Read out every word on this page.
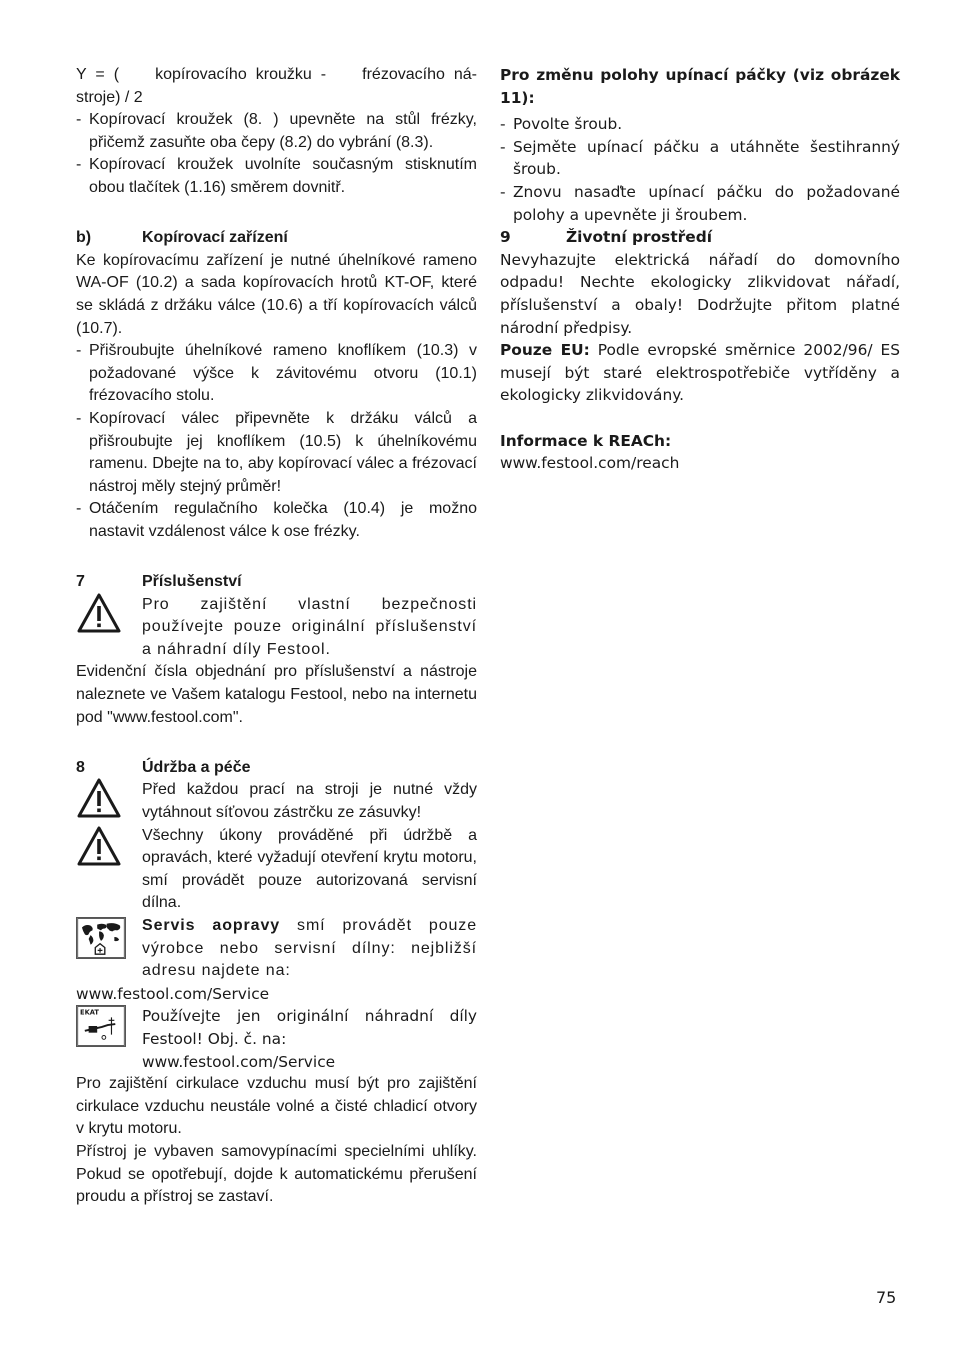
Y = (    kopírovacího kroužku -    frézovacího ná-

stroje) / 2

- Kopírovací kroužek (8. ) upevněte na stůl frézky, přičemž zasuňte oba čepy (8.2) do vybrání (8.3).
- Kopírovací kroužek uvolníte současným stisknutím obou tlačítek (1.16) směrem dovnitř.
b)	Kopírovací zařízení

Ke kopírovacímu zařízení je nutné úhelníkové rameno WA-OF (10.2) a sada kopírovacích hrotů KT-OF, které se skládá z držáku válce (10.6) a tří kopírovacích válců (10.7).

- Přišroubujte úhelníkové rameno knoflíkem (10.3) v požadované výšce k závitovému otvoru (10.1) frézovacího stolu.
- Kopírovací válec připevněte k držáku válců a přišroubujte jej knoflíkem (10.5) k úhelníkovému ramenu. Dbejte na to, aby kopírovací válec a frézovací nástroj měly stejný průměr!
- Otáčením regulačního kolečka (10.4) je možno nastavit vzdálenost válce k ose frézky.
7	Příslušenství

Pro zajištění vlastní bezpečnosti používejte pouze originální příslušenství a náhradní díly Festool.

Evidenční čísla objednání pro příslušenství a nástroje naleznete ve Vašem katalogu Festool, nebo na internetu pod "www.festool.com".

8	Údržba a péče

Před každou prací na stroji je nutné vždy vytáhnout síťovou zástrčku ze zásuvky!

Všechny úkony prováděné při údržbě a opravách, které vyžadují otevření krytu motoru, smí provádět pouze autorizovaná servisní dílna.

Servis aopravy smí provádět pouze výrobce nebo servisní dílny: nejbližší adresu najdete na:

www.festool.com/Service

EKAT	Používejte jen originální náhradní díly Festool! Obj. č. na:
www.festool.com/Service

Pro zajištění cirkulace vzduchu musí být pro zajištění cirkulace vzduchu neustále volné a čisté chladicí otvory v krytu motoru.

Přístroj je vybaven samovypínacími specielními uhlíky. Pokud se opotřebují, dojde k automatickému přerušení proudu a přístroj se zastaví.

Pro změnu polohy upínací páčky (viz obrázek 11):

- Povolte šroub.
- Sejměte upínací páčku a utáhněte šestihranný šroub.
- Znovu nasaďte upínací páčku do požadované polohy a upevněte ji šroubem.
9	Životní prostředí

Nevyhazujte elektrická nářadí do domovního odpadu! Nechte ekologicky zlikvidovat nářadí, příslušenství a obaly! Dodržujte přitom platné národní předpisy.

Pouze EU: Podle evropské směrnice 2002/96/ ES musejí být staré elektrospotřebiče vytříděny a ekologicky zlikvidovány.

Informace k REACh:

www.festool.com/reach

75
